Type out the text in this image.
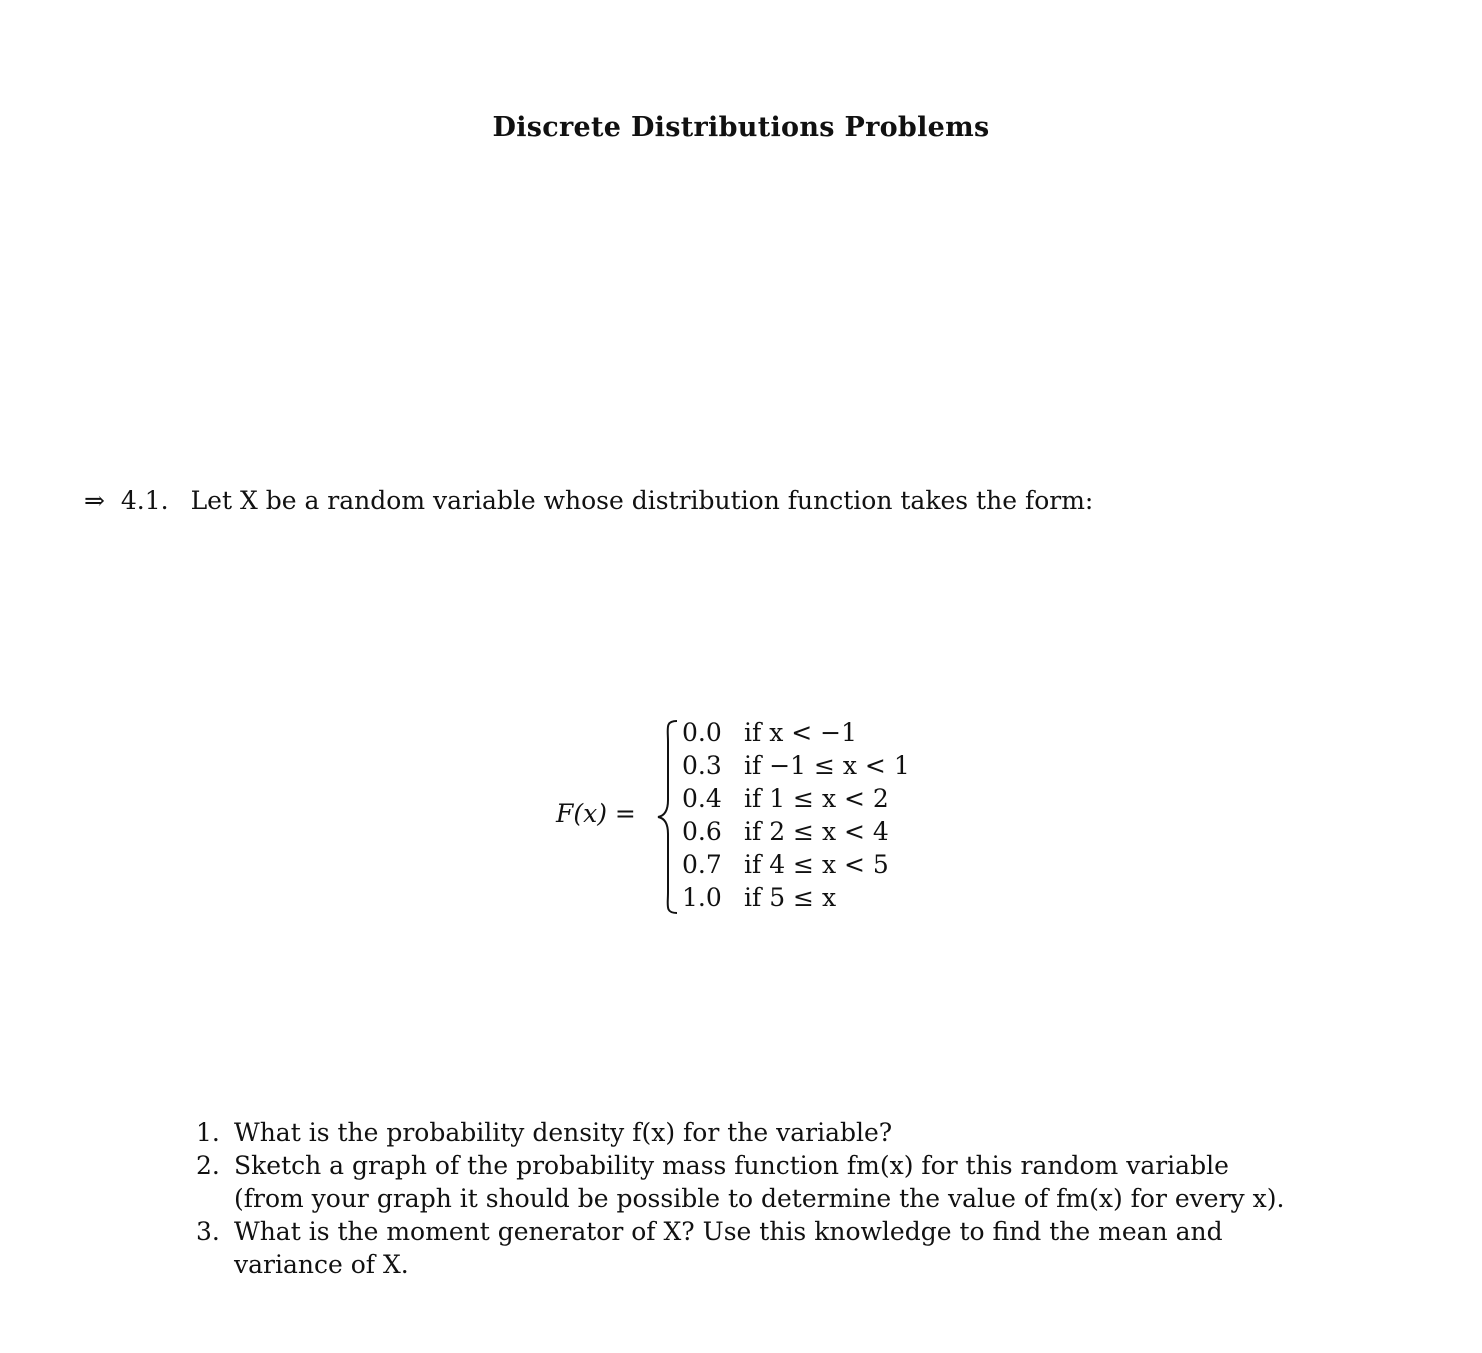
Discrete Distributions Problems
⇒ 4.1. Let X be a random variable whose distribution function takes the form:
F(x) =
0.0 if x < −1
0.3 if −1 ≤ x < 1
0.4 if 1 ≤ x < 2
0.6 if 2 ≤ x < 4
0.7 if 4 ≤ x < 5
1.0 if 5 ≤ x
1. What is the probability density f(x) for the variable?
2. Sketch a graph of the probability mass function fm(x) for this random variable (from your graph it should be possible to determine the value of fm(x) for every x).
3. What is the moment generator of X? Use this knowledge to find the mean and variance of X.
